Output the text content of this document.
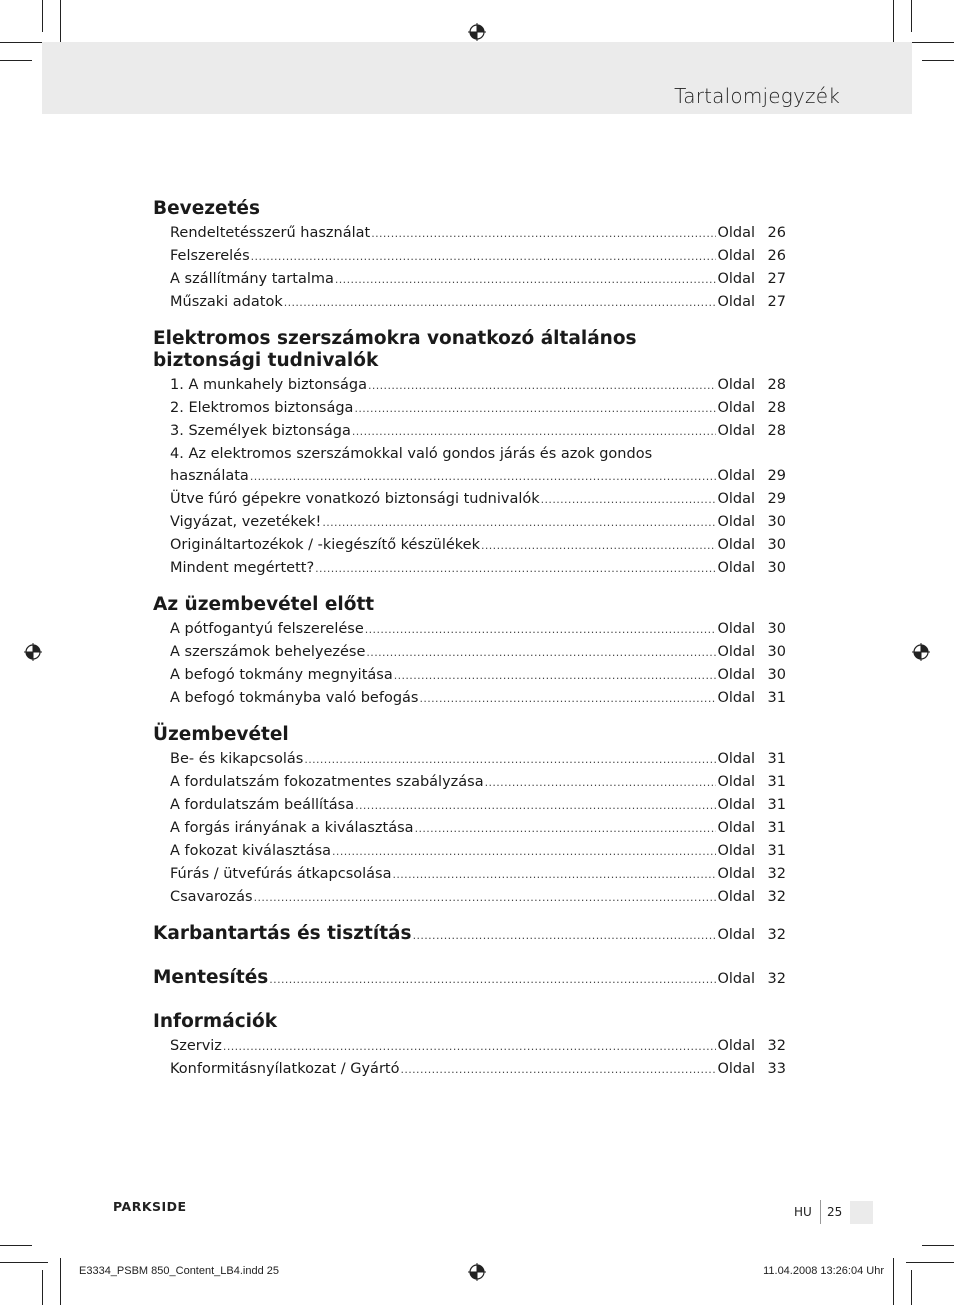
Tartalomjegyzék
Bevezetés
Rendeltetésszerű használat .....	Oldal 26
Felszerelés .....	Oldal 26
A szállítmány tartalma .....	Oldal 27
Műszaki adatok .....	Oldal 27
Elektromos szerszámokra vonatkozó általános
biztonsági tudnivalók
1. A munkahely biztonsága .....	Oldal 28
2. Elektromos biztonsága .....	Oldal 28
3. Személyek biztonsága .....	Oldal 28
4. Az elektromos szerszámokkal való gondos járás és azok gondos
használata .....	Oldal 29
Ütve fúró gépekre vonatkozó biztonsági tudnivalók .....	Oldal 29
Vigyázat, vezetékek! .....	Oldal 30
Origináltartozékok / -kiegészítő készülékek .....	Oldal 30
Mindent megértett? .....	Oldal 30
Az üzembevétel előtt
A pótfogantyú felszerelése .....	Oldal 30
A szerszámok behelyezése .....	Oldal 30
A befogó tokmány megnyitása .....	Oldal 30
A befogó tokmányba való befogás .....	Oldal 31
Üzembevétel
Be- és kikapcsolás .....	Oldal 31
A fordulatszám fokozatmentes szabályzása .....	Oldal 31
A fordulatszám beállítása .....	Oldal 31
A forgás irányának a kiválasztása .....	Oldal 31
A fokozat kiválasztása .....	Oldal 31
Fúrás / ütvefúrás átkapcsolása .....	Oldal 32
Csavarozás .....	Oldal 32
Karbantartás és tisztítás .....	Oldal 32
Mentesítés .....	Oldal 32
Információk
Szerviz .....	Oldal 32
Konformitásnyílatkozat / Gyártó .....	Oldal 33
PARKSIDE	HU 25
E3334_PSBM 850_Content_LB4.indd 25	11.04.2008 13:26:04 Uhr
